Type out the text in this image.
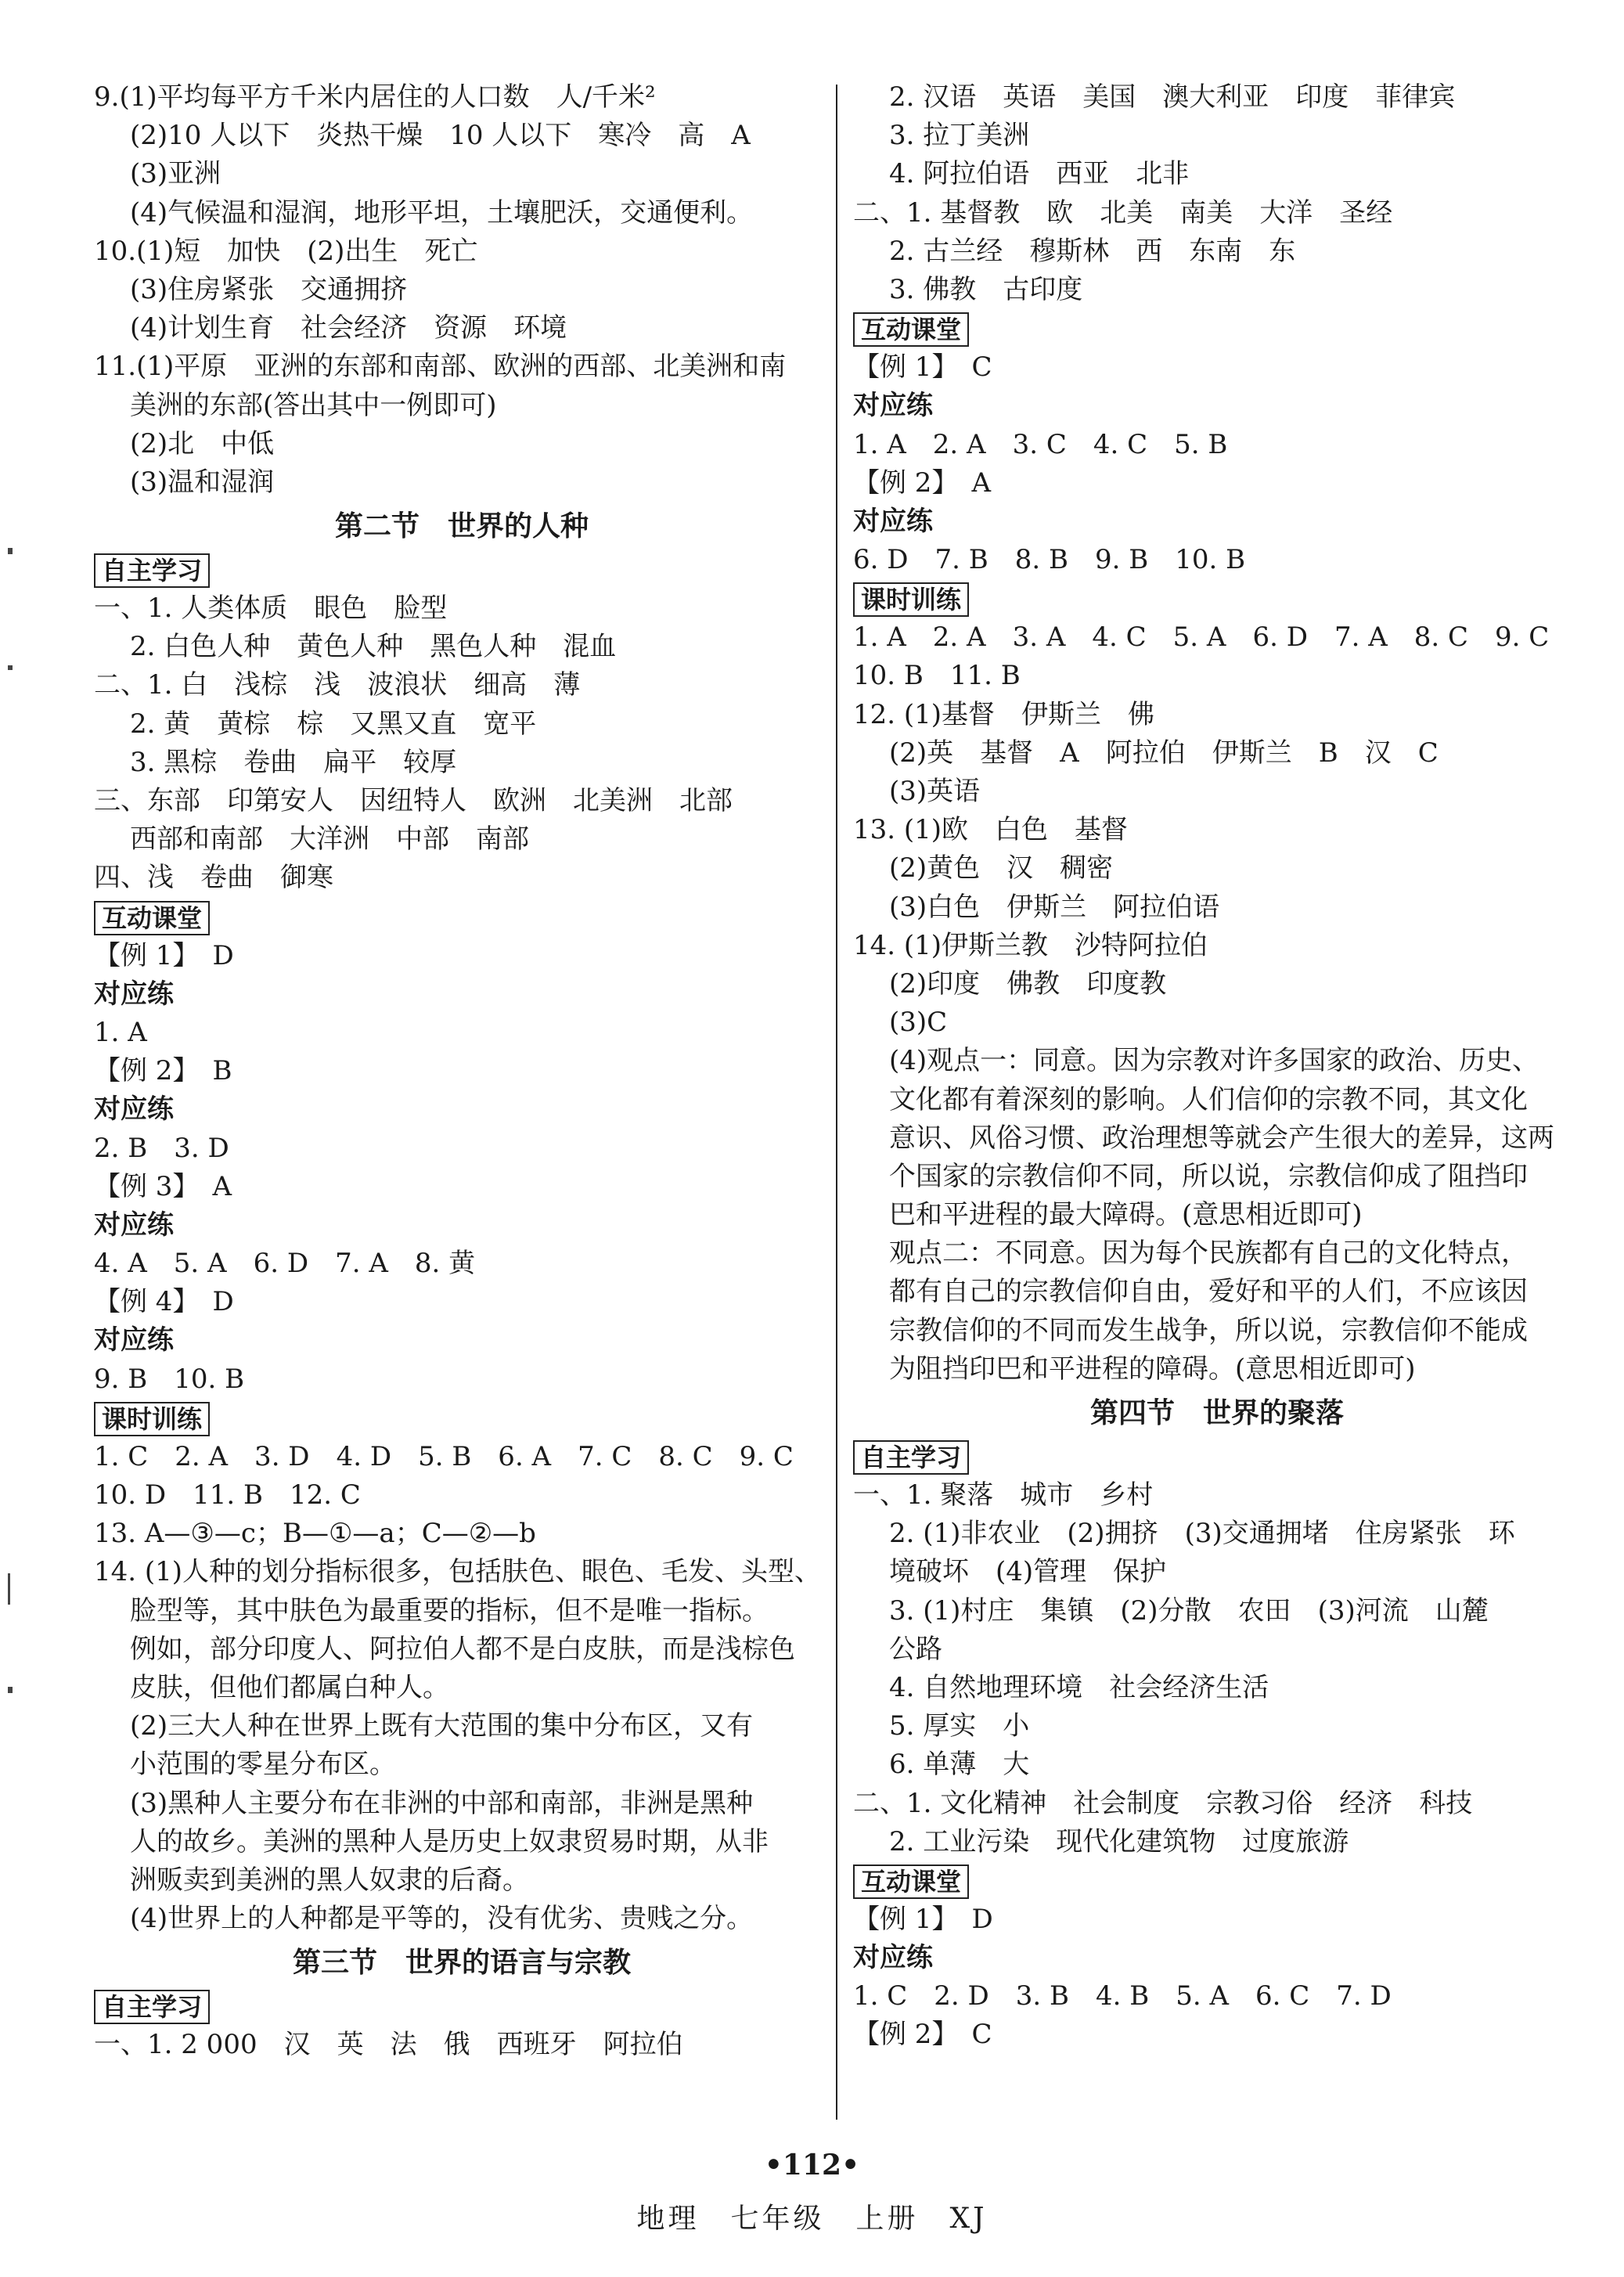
9.(1)平均每平方千米内居住的人口数　人/千米²
(2)10 人以下　炎热干燥　10 人以下　寒冷　高　A
(3)亚洲
(4)气候温和湿润，地形平坦，土壤肥沃，交通便利。
10.(1)短　加快　(2)出生　死亡
(3)住房紧张　交通拥挤
(4)计划生育　社会经济　资源　环境
11.(1)平原　亚洲的东部和南部、欧洲的西部、北美洲和南
美洲的东部(答出其中一例即可)
(2)北　中低
(3)温和湿润
第二节　世界的人种
自主学习
一、1. 人类体质　眼色　脸型
2. 白色人种　黄色人种　黑色人种　混血
二、1. 白　浅棕　浅　波浪状　细高　薄
2. 黄　黄棕　棕　又黑又直　宽平
3. 黑棕　卷曲　扁平　较厚
三、东部　印第安人　因纽特人　欧洲　北美洲　北部
西部和南部　大洋洲　中部　南部
四、浅　卷曲　御寒
互动课堂
【例 1】　D
对应练
1. A
【例 2】　B
对应练
2. B　3. D
【例 3】　A
对应练
4. A　5. A　6. D　7. A　8. 黄
【例 4】　D
对应练
9. B　10. B
课时训练
1. C　2. A　3. D　4. D　5. B　6. A　7. C　8. C　9. C
10. D　11. B　12. C
13. A—③—c；B—①—a；C—②—b
14. (1)人种的划分指标很多，包括肤色、眼色、毛发、头型、
脸型等，其中肤色为最重要的指标，但不是唯一指标。
例如，部分印度人、阿拉伯人都不是白皮肤，而是浅棕色
皮肤，但他们都属白种人。
(2)三大人种在世界上既有大范围的集中分布区，又有
小范围的零星分布区。
(3)黑种人主要分布在非洲的中部和南部，非洲是黑种
人的故乡。美洲的黑种人是历史上奴隶贸易时期，从非
洲贩卖到美洲的黑人奴隶的后裔。
(4)世界上的人种都是平等的，没有优劣、贵贱之分。
第三节　世界的语言与宗教
自主学习
一、1. 2 000　汉　英　法　俄　西班牙　阿拉伯
2. 汉语　英语　美国　澳大利亚　印度　菲律宾
3. 拉丁美洲
4. 阿拉伯语　西亚　北非
二、1. 基督教　欧　北美　南美　大洋　圣经
2. 古兰经　穆斯林　西　东南　东
3. 佛教　古印度
互动课堂
【例 1】　C
对应练
1. A　2. A　3. C　4. C　5. B
【例 2】　A
对应练
6. D　7. B　8. B　9. B　10. B
课时训练
1. A　2. A　3. A　4. C　5. A　6. D　7. A　8. C　9. C
10. B　11. B
12. (1)基督　伊斯兰　佛
(2)英　基督　A　阿拉伯　伊斯兰　B　汉　C
(3)英语
13. (1)欧　白色　基督
(2)黄色　汉　稠密
(3)白色　伊斯兰　阿拉伯语
14. (1)伊斯兰教　沙特阿拉伯
(2)印度　佛教　印度教
(3)C
(4)观点一：同意。因为宗教对许多国家的政治、历史、
文化都有着深刻的影响。人们信仰的宗教不同，其文化
意识、风俗习惯、政治理想等就会产生很大的差异，这两
个国家的宗教信仰不同，所以说，宗教信仰成了阻挡印
巴和平进程的最大障碍。(意思相近即可)
观点二：不同意。因为每个民族都有自己的文化特点，
都有自己的宗教信仰自由，爱好和平的人们，不应该因
宗教信仰的不同而发生战争，所以说，宗教信仰不能成
为阻挡印巴和平进程的障碍。(意思相近即可)
第四节　世界的聚落
自主学习
一、1. 聚落　城市　乡村
2. (1)非农业　(2)拥挤　(3)交通拥堵　住房紧张　环
境破坏　(4)管理　保护
3. (1)村庄　集镇　(2)分散　农田　(3)河流　山麓
公路
4. 自然地理环境　社会经济生活
5. 厚实　小
6. 单薄　大
二、1. 文化精神　社会制度　宗教习俗　经济　科技
2. 工业污染　现代化建筑物　过度旅游
互动课堂
【例 1】　D
对应练
1. C　2. D　3. B　4. B　5. A　6. C　7. D
【例 2】　C
•112•
地理　七年级　上册　XJ
